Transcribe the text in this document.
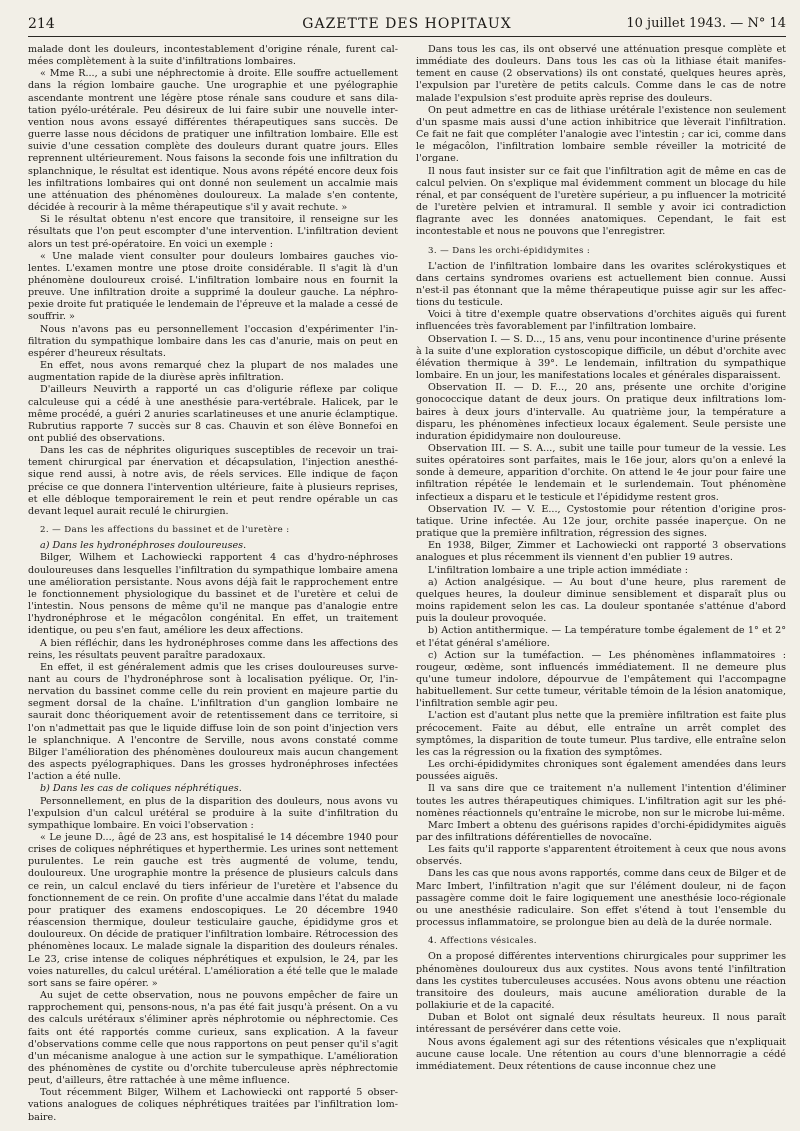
214	GAZETTE DES HOPITAUX	10 juillet 1943. — N° 14

malade dont les douleurs, incontestablement d'origine rénale, furent calmées complètement à la suite d'infiltrations lombaires.

« Mme R..., a subi une néphrectomie à droite. Elle souffre actuellement dans la région lombaire gauche. Une urographie et une pyélographie ascendante montrent une légère ptose rénale sans coudure et sans dilatation pyélo-urétérale. Peu désireux de lui faire subir une nouvelle intervention nous avons essayé différentes thérapeutiques sans succès. De guerre lasse nous décidons de pratiquer une infiltration lombaire. Elle est suivie d'une cessation complète des douleurs durant quatre jours. Elles reprennent ultérieurement. Nous faisons la seconde fois une infiltration du splanchnique, le résultat est identique. Nous avons répété encore deux fois les infiltrations lombaires qui ont donné non seulement un accalmie mais une atténuation des phénomènes douloureux. La malade s'en contente, décidée à recourir à la même thérapeutique s'il y avait rechute. »

Si le résultat obtenu n'est encore que transitoire, il renseigne sur les résultats que l'on peut escompter d'une intervention. L'infiltration devient alors un test pré-opératoire. En voici un exemple :

« Une malade vient consulter pour douleurs lombaires gauches violentes. L'examen montre une ptose droite considérable. Il s'agit là d'un phénomène douloureux croisé. L'infiltration lombaire nous en fournit la preuve. Une infiltration droite a supprimé la douleur gauche. La néphropexie droite fut pratiquée le lendemain de l'épreuve et la malade a cessé de souffrir. »

Nous n'avons pas eu personnellement l'occasion d'expérimenter l'infiltration du sympathique lombaire dans les cas d'anurie, mais on peut en espérer d'heureux résultats.

En effet, nous avons remarqué chez la plupart de nos malades une augmentation rapide de la diurèse après infiltration.

D'ailleurs Neuvirth a rapporté un cas d'oligurie réflexe par colique calculeuse qui a cédé à une anesthésie para-vertébrale. Halicek, par le même procédé, a guéri 2 anuries scarlatineuses et une anurie éclamptique. Rubrutius rapporte 7 succès sur 8 cas. Chauvin et son élève Bonnefoi en ont publié des observations.

Dans les cas de néphrites oliguriques susceptibles de recevoir un traitement chirurgical par énervation et décapsulation, l'injection anesthésique rend aussi, à notre avis, de réels services. Elle indique de façon précise ce que donnera l'intervention ultérieure, faite à plusieurs reprises, et elle débloque temporairement le rein et peut rendre opérable un cas devant lequel aurait reculé le chirurgien.

2. — Dans les affections du bassinet et de l'uretère :
a) Dans les hydronéphroses douloureuses.

Bilger, Wilhem et Lachowiecki rapportent 4 cas d'hydro-néphroses douloureuses dans lesquelles l'infiltration du sympathique lombaire amena une amélioration persistante. Nous avons déjà fait le rapprochement entre le fonctionnement physiologique du bassinet et de l'uretère et celui de l'intestin. Nous pensons de même qu'il ne manque pas d'analogie entre l'hydronéphrose et le mégacôlon congénital. En effet, un traitement identique, ou peu s'en faut, améliore les deux affections.

A bien réfléchir, dans les hydronéphroses comme dans les affections des reins, les résultats peuvent paraître paradoxaux.

En effet, il est généralement admis que les crises douloureuses survenant au cours de l'hydronéphrose sont à localisation pyélique. Or, l'innervation du bassinet comme celle du rein provient en majeure partie du segment dorsal de la chaîne. L'infiltration d'un ganglion lombaire ne saurait donc théoriquement avoir de retentissement dans ce territoire, si l'on n'admettait pas que le liquide diffuse loin de son point d'injection vers le splanchnique. A l'encontre de Serville, nous avons constaté comme Bilger l'amélioration des phénomènes douloureux mais aucun changement des aspects pyélographiques. Dans les grosses hydronéphroses infectées l'action a été nulle.

b) Dans les cas de coliques néphrétiques.

Personnellement, en plus de la disparition des douleurs, nous avons vu l'expulsion d'un calcul urétéral se produire à la suite d'infiltration du sympathique lombaire. En voici l'observation :

« Le jeune D..., âgé de 23 ans, est hospitalisé le 14 décembre 1940 pour crises de coliques néphrétiques et hyperthermie. Les urines sont nettement purulentes. Le rein gauche est très augmenté de volume, tendu, douloureux. Une urographie montre la présence de plusieurs calculs dans ce rein, un calcul enclavé du tiers inférieur de l'uretère et l'absence du fonctionnement de ce rein. On profite d'une accalmie dans l'état du malade pour pratiquer des examens endoscopiques. Le 20 décembre 1940 réascension thermique, douleur testiculaire gauche, épididyme gros et douloureux. On décide de pratiquer l'infiltration lombaire. Rétrocession des phénomènes locaux. Le malade signale la disparition des douleurs rénales. Le 23, crise intense de coliques néphrétiques et expulsion, le 24, par les voies naturelles, du calcul urétéral. L'amélioration a été telle que le malade sort sans se faire opérer. »

Au sujet de cette observation, nous ne pouvons empêcher de faire un rapprochement qui, pensons-nous, n'a pas été fait jusqu'à présent. On a vu des calculs urétéraux s'éliminer après néphrotomie ou néphrectomie. Ces faits ont été rapportés comme curieux, sans explication. A la faveur d'observations comme celle que nous rapportons on peut penser qu'il s'agit d'un mécanisme analogue à une action sur le sympathique. L'amélioration des phénomènes de cystite ou d'orchite tuberculeuse après néphrectomie peut, d'ailleurs, être rattachée à une même influence.

Tout récemment Bilger, Wilhem et Lachowiecki ont rapporté 5 observations analogues de coliques néphrétiques traitées par l'infiltration lombaire.

Dans tous les cas, ils ont observé une atténuation presque complète et immédiate des douleurs. Dans tous les cas où la lithiase était manifestement en cause (2 observations) ils ont constaté, quelques heures après, l'expulsion par l'uretère de petits calculs. Comme dans le cas de notre malade l'expulsion s'est produite après reprise des douleurs.

On peut admettre en cas de lithiase urétérale l'existence non seulement d'un spasme mais aussi d'une action inhibitrice que lèverait l'infiltration. Ce fait ne fait que compléter l'analogie avec l'intestin ; car ici, comme dans le mégacôlon, l'infiltration lombaire semble réveiller la motricité de l'organe.

Il nous faut insister sur ce fait que l'infiltration agit de même en cas de calcul pelvien. On s'explique mal évidemment comment un blocage du hile rénal, et par conséquent de l'uretère supérieur, a pu influencer la motricité de l'uretère pelvien et intramural. Il semble y avoir ici contradiction flagrante avec les données anatomiques. Cependant, le fait est incontestable et nous ne pouvons que l'enregistrer.

3. — Dans les orchi-épididymites :

L'action de l'infiltration lombaire dans les ovarites sclérokystiques et dans certains syndromes ovariens est actuellement bien connue. Aussi n'est-il pas étonnant que la même thérapeutique puisse agir sur les affections du testicule.

Voici à titre d'exemple quatre observations d'orchites aiguës qui furent influencées très favorablement par l'infiltration lombaire.

Observation I. — S. D..., 15 ans, venu pour incontinence d'urine présente à la suite d'une exploration cystoscopique difficile, un début d'orchite avec élévation thermique à 39°. Le lendemain, infiltration du sympathique lombaire. En un jour, les manifestations locales et générales disparaissent.

Observation II. — D. F..., 20 ans, présente une orchite d'origine gonococcique datant de deux jours. On pratique deux infiltrations lombaires à deux jours d'intervalle. Au quatrième jour, la température a disparu, les phénomènes infectieux locaux également. Seule persiste une induration épididymaire non douloureuse.

Observation III. — S. A..., subit une taille pour tumeur de la vessie. Les suites opératoires sont parfaites, mais le 16e jour, alors qu'on a enlevé la sonde à demeure, apparition d'orchite. On attend le 4e jour pour faire une infiltration répétée le lendemain et le surlendemain. Tout phénomène infectieux a disparu et le testicule et l'épididyme restent gros.

Observation IV. — V. E..., Cystostomie pour rétention d'origine prostatique. Urine infectée. Au 12e jour, orchite passée inaperçue. On ne pratique que la première infiltration, régression des signes.

En 1938, Bilger, Zimmer et Lachowiecki ont rapporté 3 observations analogues et plus récemment ils viennent d'en publier 19 autres.

L'infiltration lombaire a une triple action immédiate :

a) Action analgésique. — Au bout d'une heure, plus rarement de quelques heures, la douleur diminue sensiblement et disparaît plus ou moins rapidement selon les cas. La douleur spontanée s'atténue d'abord puis la douleur provoquée.

b) Action antithermique. — La température tombe également de 1° et 2° et l'état général s'améliore.

c) Action sur la tuméfaction. — Les phénomènes inflammatoires : rougeur, œdème, sont influencés immédiatement. Il ne demeure plus qu'une tumeur indolore, dépourvue de l'empâtement qui l'accompagne habituellement. Sur cette tumeur, véritable témoin de la lésion anatomique, l'infiltration semble agir peu.

L'action est d'autant plus nette que la première infiltration est faite plus précocement. Faite au début, elle entraîne un arrêt complet des symptômes, la disparition de toute tumeur. Plus tardive, elle entraîne selon les cas la régression ou la fixation des symptômes.

Les orchi-épididymites chroniques sont également amendées dans leurs poussées aiguës.

Il va sans dire que ce traitement n'a nullement l'intention d'éliminer toutes les autres thérapeutiques chimiques. L'infiltration agit sur les phénomènes réactionnels qu'entraîne le microbe, non sur le microbe lui-même.

Marc Imbert a obtenu des guérisons rapides d'orchi-épididymites aiguës par des infiltrations déférentielles de novocaïne.

Les faits qu'il rapporte s'apparentent étroitement à ceux que nous avons observés.

Dans les cas que nous avons rapportés, comme dans ceux de Bilger et de Marc Imbert, l'infiltration n'agit que sur l'élément douleur, ni de façon passagère comme doit le faire logiquement une anesthésie loco-régionale ou une anesthésie radiculaire. Son effet s'étend à tout l'ensemble du processus inflammatoire, se prolongue bien au delà de la durée normale.

4. Affections vésicales.

On a proposé différentes interventions chirurgicales pour supprimer les phénomènes douloureux dus aux cystites. Nous avons tenté l'infiltration dans les cystites tuberculeuses accusées. Nous avons obtenu une réaction transitoire des douleurs, mais aucune amélioration durable de la pollakiurie et de la capacité.

Duban et Bolot ont signalé deux résultats heureux. Il nous paraît intéressant de persévérer dans cette voie.

Nous avons également agi sur des rétentions vésicales que n'expliquait aucune cause locale. Une rétention au cours d'une blennorragie a cédé immédiatement. Deux rétentions de cause inconnue chez une
